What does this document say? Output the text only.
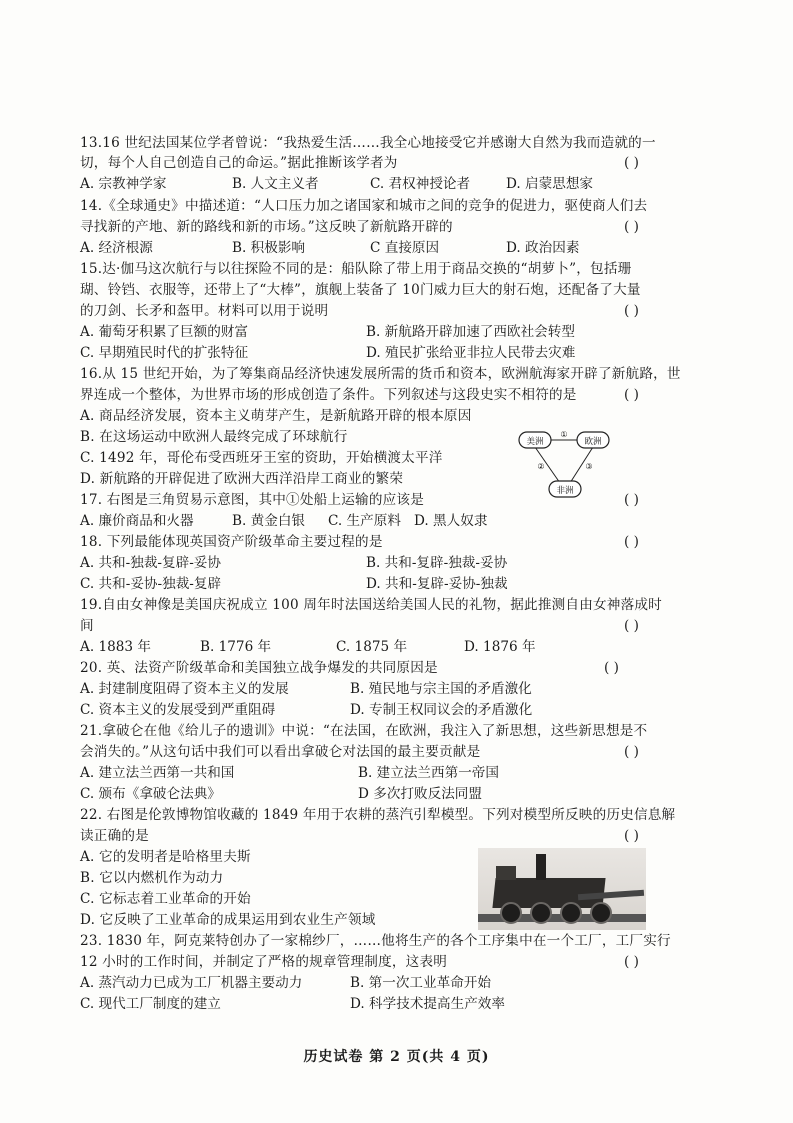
13.16 世纪法国某位学者曾说：“我热爱生活……我全心地接受它并感谢大自然为我而造就的一
切，每个人自己创造自己的命运。”据此推断该学者为	( )
A. 宗教神学家	B. 人文主义者	C. 君权神授论者	D. 启蒙思想家
14.《全球通史》中描述道：“人口压力加之诸国家和城市之间的竞争的促进力，驱使商人们去
寻找新的产地、新的路线和新的市场。”这反映了新航路开辟的	( )
A. 经济根源	B. 积极影响	C 直接原因	D. 政治因素
15.达·伽马这次航行与以往探险不同的是：船队除了带上用于商品交换的“胡萝卜”，包括珊
瑚、铃铛、衣服等，还带上了“大棒”，旗舰上装备了 10门威力巨大的射石炮，还配备了大量
的刀剑、长矛和盔甲。材料可以用于说明	( )
A. 葡萄牙积累了巨额的财富	B. 新航路开辟加速了西欧社会转型
C. 早期殖民时代的扩张特征	D. 殖民扩张给亚非拉人民带去灾难
16.从 15 世纪开始，为了筹集商品经济快速发展所需的货币和资本，欧洲航海家开辟了新航路，世
界连成一个整体，为世界市场的形成创造了条件。下列叙述与这段史实不相符的是	( )
A. 商品经济发展，资本主义萌芽产生，是新航路开辟的根本原因
B. 在这场运动中欧洲人最终完成了环球航行
C. 1492 年，哥伦布受西班牙王室的资助，开始横渡太平洋
D. 新航路的开辟促进了欧洲大西洋沿岸工商业的繁荣
美洲	欧洲
非洲
①
②	③
17. 右图是三角贸易示意图，其中①处船上运输的应该是	( )
A. 廉价商品和火器	B. 黄金白银 C. 生产原料 D. 黑人奴隶
18. 下列最能体现英国资产阶级革命主要过程的是	( )
A. 共和-独裁-复辟-妥协	B. 共和-复辟-独裁-妥协
C. 共和-妥协-独裁-复辟	D. 共和-复辟-妥协-独裁
19.自由女神像是美国庆祝成立 100 周年时法国送给美国人民的礼物，据此推测自由女神落成时
间	( )
A. 1883 年	B. 1776 年	C. 1875 年	D. 1876 年
20. 英、法资产阶级革命和美国独立战争爆发的共同原因是	( )
A. 封建制度阻碍了资本主义的发展	B. 殖民地与宗主国的矛盾激化
C. 资本主义的发展受到严重阻碍	D. 专制王权同议会的矛盾激化
21.拿破仑在他《给儿子的遗训》中说：“在法国，在欧洲，我注入了新思想，这些新思想是不
会消失的。”从这句话中我们可以看出拿破仑对法国的最主要贡献是	( )
A. 建立法兰西第一共和国	B. 建立法兰西第一帝国
C. 颁布《拿破仑法典》	D 多次打败反法同盟
22. 右图是伦敦博物馆收藏的 1849 年用于农耕的蒸汽引犁模型。下列对模型所反映的历史信息解
读正确的是	( )
A. 它的发明者是哈格里夫斯
B. 它以内燃机作为动力
C. 它标志着工业革命的开始
D. 它反映了工业革命的成果运用到农业生产领域
23. 1830 年，阿克莱特创办了一家棉纱厂，……他将生产的各个工序集中在一个工厂，工厂实行
12 小时的工作时间，并制定了严格的规章管理制度，这表明	( )
A. 蒸汽动力已成为工厂机器主要动力	B. 第一次工业革命开始
C. 现代工厂制度的建立	D. 科学技术提高生产效率
历史试卷 第 2 页(共 4 页)
